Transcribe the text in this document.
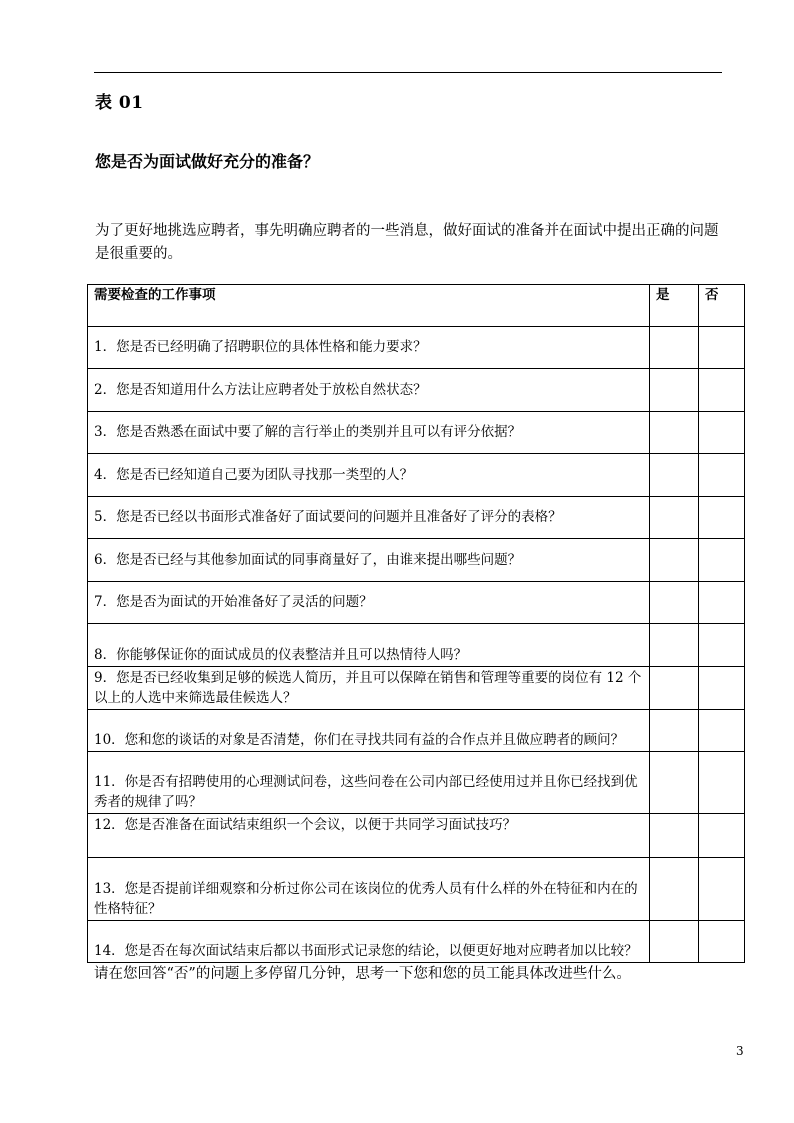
表 01
您是否为面试做好充分的准备？
为了更好地挑选应聘者，事先明确应聘者的一些消息，做好面试的准备并在面试中提出正确的问题是很重要的。
需要检查的工作事项	是	否
1．您是否已经明确了招聘职位的具体性格和能力要求？		
2．您是否知道用什么方法让应聘者处于放松自然状态？		
3．您是否熟悉在面试中要了解的言行举止的类别并且可以有评分依据？		
4．您是否已经知道自己要为团队寻找那一类型的人？		
5．您是否已经以书面形式准备好了面试要问的问题并且准备好了评分的表格？		
6．您是否已经与其他参加面试的同事商量好了，由谁来提出哪些问题？		
7．您是否为面试的开始准备好了灵活的问题？		
8．你能够保证你的面试成员的仪表整洁并且可以热情待人吗？		
9．您是否已经收集到足够的候选人简历，并且可以保障在销售和管理等重要的岗位有 12 个以上的人选中来筛选最佳候选人？		
10．您和您的谈话的对象是否清楚，你们在寻找共同有益的合作点并且做应聘者的顾问？		
11．你是否有招聘使用的心理测试问卷，这些问卷在公司内部已经使用过并且你已经找到优秀者的规律了吗？		
12．您是否准备在面试结束组织一个会议，以便于共同学习面试技巧？		
13．您是否提前详细观察和分析过你公司在该岗位的优秀人员有什么样的外在特征和内在的性格特征？		
14．您是否在每次面试结束后都以书面形式记录您的结论，以便更好地对应聘者加以比较？		
请在您回答“否”的问题上多停留几分钟，思考一下您和您的员工能具体改进些什么。
3
